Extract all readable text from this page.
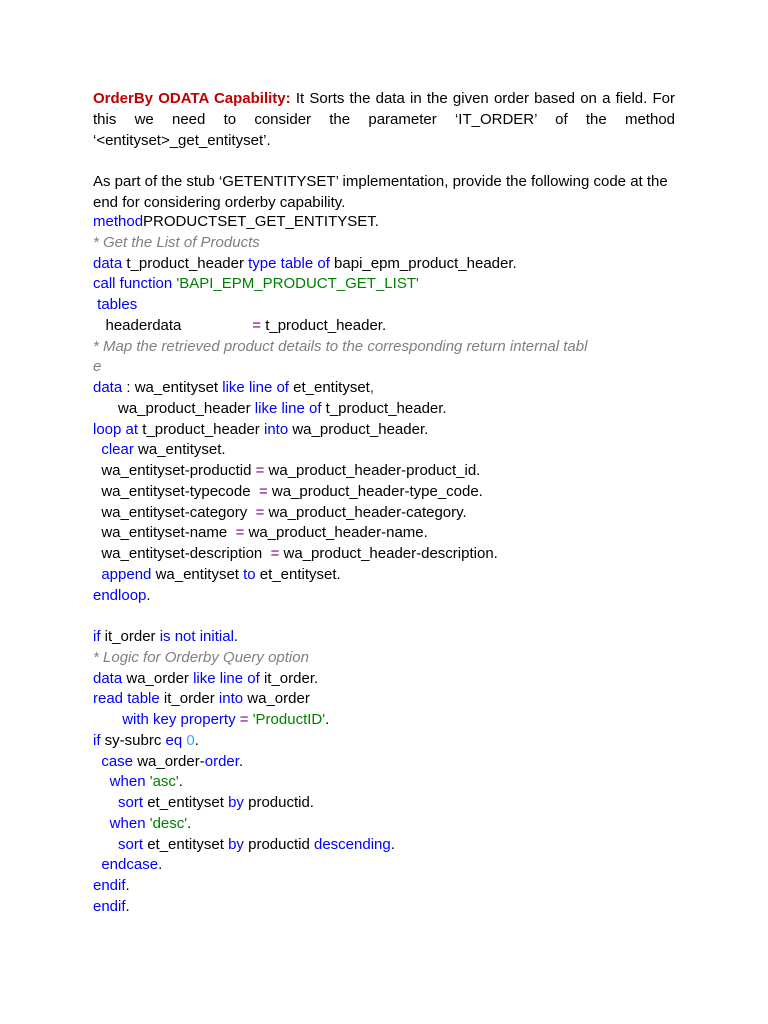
OrderBy ODATA Capability: It Sorts the data in the given order based on a field. For this we need to consider the parameter ‘IT_ORDER’ of the method ‘<entityset>_get_entityset’.

As part of the stub ‘GETENTITYSET’ implementation, provide the following code at the end for considering orderby capability.

methodPRODUCTSET_GET_ENTITYSET.
* Get the List of Products
data t_product_header type table of bapi_epm_product_header.
call function 'BAPI_EPM_PRODUCT_GET_LIST'
tables
headerdata                 = t_product_header.
* Map the retrieved product details to the corresponding return internal tabl
e
data : wa_entityset like line of et_entityset,
wa_product_header like line of t_product_header.
loop at t_product_header into wa_product_header.
clear wa_entityset.
wa_entityset-productid = wa_product_header-product_id.
wa_entityset-typecode  = wa_product_header-type_code.
wa_entityset-category  = wa_product_header-category.
wa_entityset-name  = wa_product_header-name.
wa_entityset-description  = wa_product_header-description.
append wa_entityset to et_entityset.
endloop.
if it_order is not initial.
* Logic for Orderby Query option
data wa_order like line of it_order.
read table it_order into wa_order
with key property = 'ProductID'.
if sy-subrc eq 0.
case wa_order-order.
when 'asc'.
sort et_entityset by productid.
when 'desc'.
sort et_entityset by productid descending.
endcase.
endif.
endif.
